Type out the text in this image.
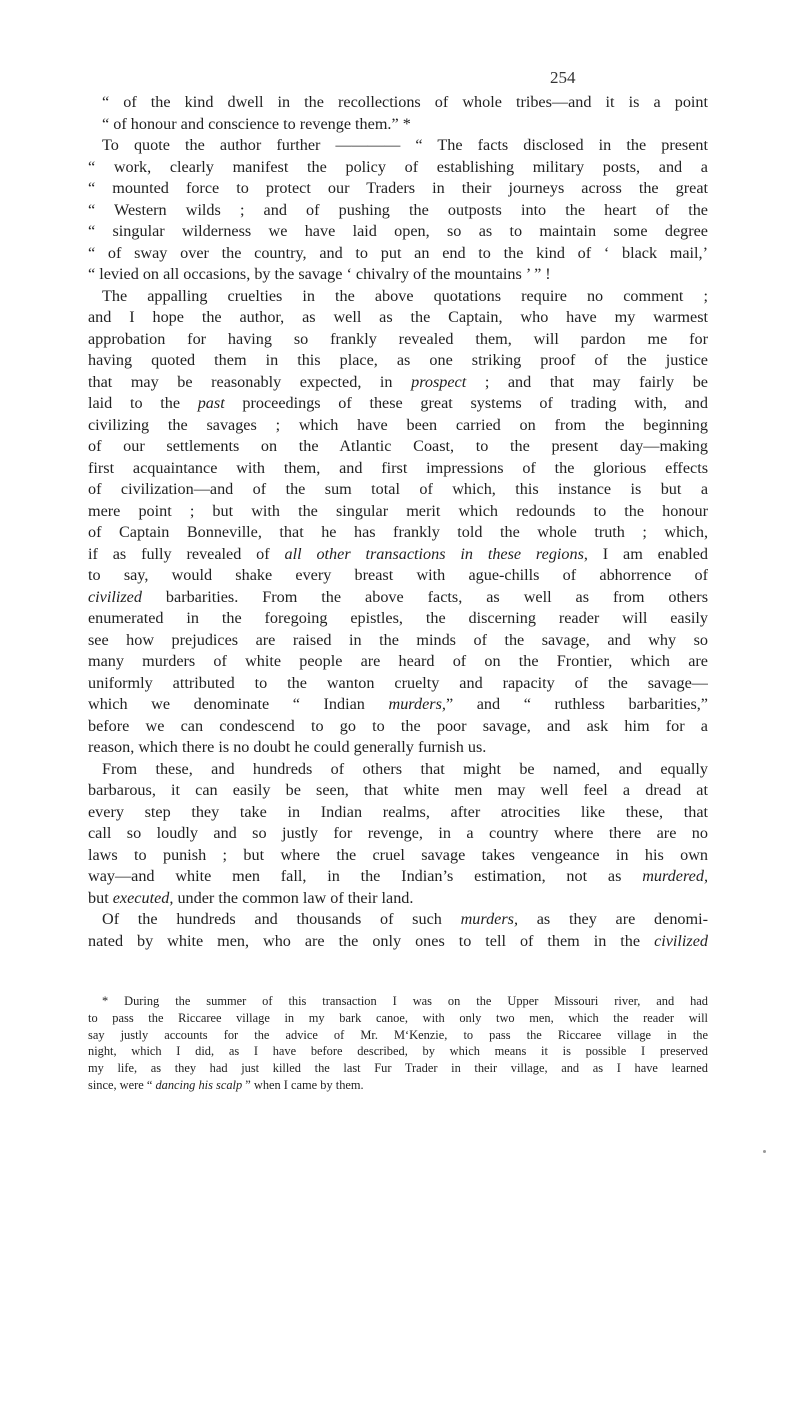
254
“ of the kind dwell in the recollections of whole tribes—and it is a point
“ of honour and conscience to revenge them.” *
To quote the author further ———— “ The facts disclosed in the present
“ work, clearly manifest the policy of establishing military posts, and a
“ mounted force to protect our Traders in their journeys across the great
“ Western wilds ; and of pushing the outposts into the heart of the
“ singular wilderness we have laid open, so as to maintain some degree
“ of sway over the country, and to put an end to the kind of ‘ black mail,’
“ levied on all occasions, by the savage ‘ chivalry of the mountains ’ ” !
The appalling cruelties in the above quotations require no comment ;
and I hope the author, as well as the Captain, who have my warmest
approbation for having so frankly revealed them, will pardon me for
having quoted them in this place, as one striking proof of the justice
that may be reasonably expected, in prospect ; and that may fairly be
laid to the past proceedings of these great systems of trading with, and
civilizing the savages ; which have been carried on from the beginning
of our settlements on the Atlantic Coast, to the present day—making
first acquaintance with them, and first impressions of the glorious effects
of civilization—and of the sum total of which, this instance is but a
mere point ; but with the singular merit which redounds to the honour
of Captain Bonneville, that he has frankly told the whole truth ; which,
if as fully revealed of all other transactions in these regions, I am enabled
to say, would shake every breast with ague-chills of abhorrence of
civilized barbarities. From the above facts, as well as from others
enumerated in the foregoing epistles, the discerning reader will easily
see how prejudices are raised in the minds of the savage, and why so
many murders of white people are heard of on the Frontier, which are
uniformly attributed to the wanton cruelty and rapacity of the savage—
which we denominate “ Indian murders,” and “ ruthless barbarities,”
before we can condescend to go to the poor savage, and ask him for a
reason, which there is no doubt he could generally furnish us.
From these, and hundreds of others that might be named, and equally
barbarous, it can easily be seen, that white men may well feel a dread at
every step they take in Indian realms, after atrocities like these, that
call so loudly and so justly for revenge, in a country where there are no
laws to punish ; but where the cruel savage takes vengeance in his own
way—and white men fall, in the Indian’s estimation, not as murdered,
but executed, under the common law of their land.
Of the hundreds and thousands of such murders, as they are denomi-
nated by white men, who are the only ones to tell of them in the civilized
* During the summer of this transaction I was on the Upper Missouri river, and had
to pass the Riccaree village in my bark canoe, with only two men, which the reader will
say justly accounts for the advice of Mr. M‘Kenzie, to pass the Riccaree village in the
night, which I did, as I have before described, by which means it is possible I preserved
my life, as they had just killed the last Fur Trader in their village, and as I have learned
since, were “ dancing his scalp ” when I came by them.
